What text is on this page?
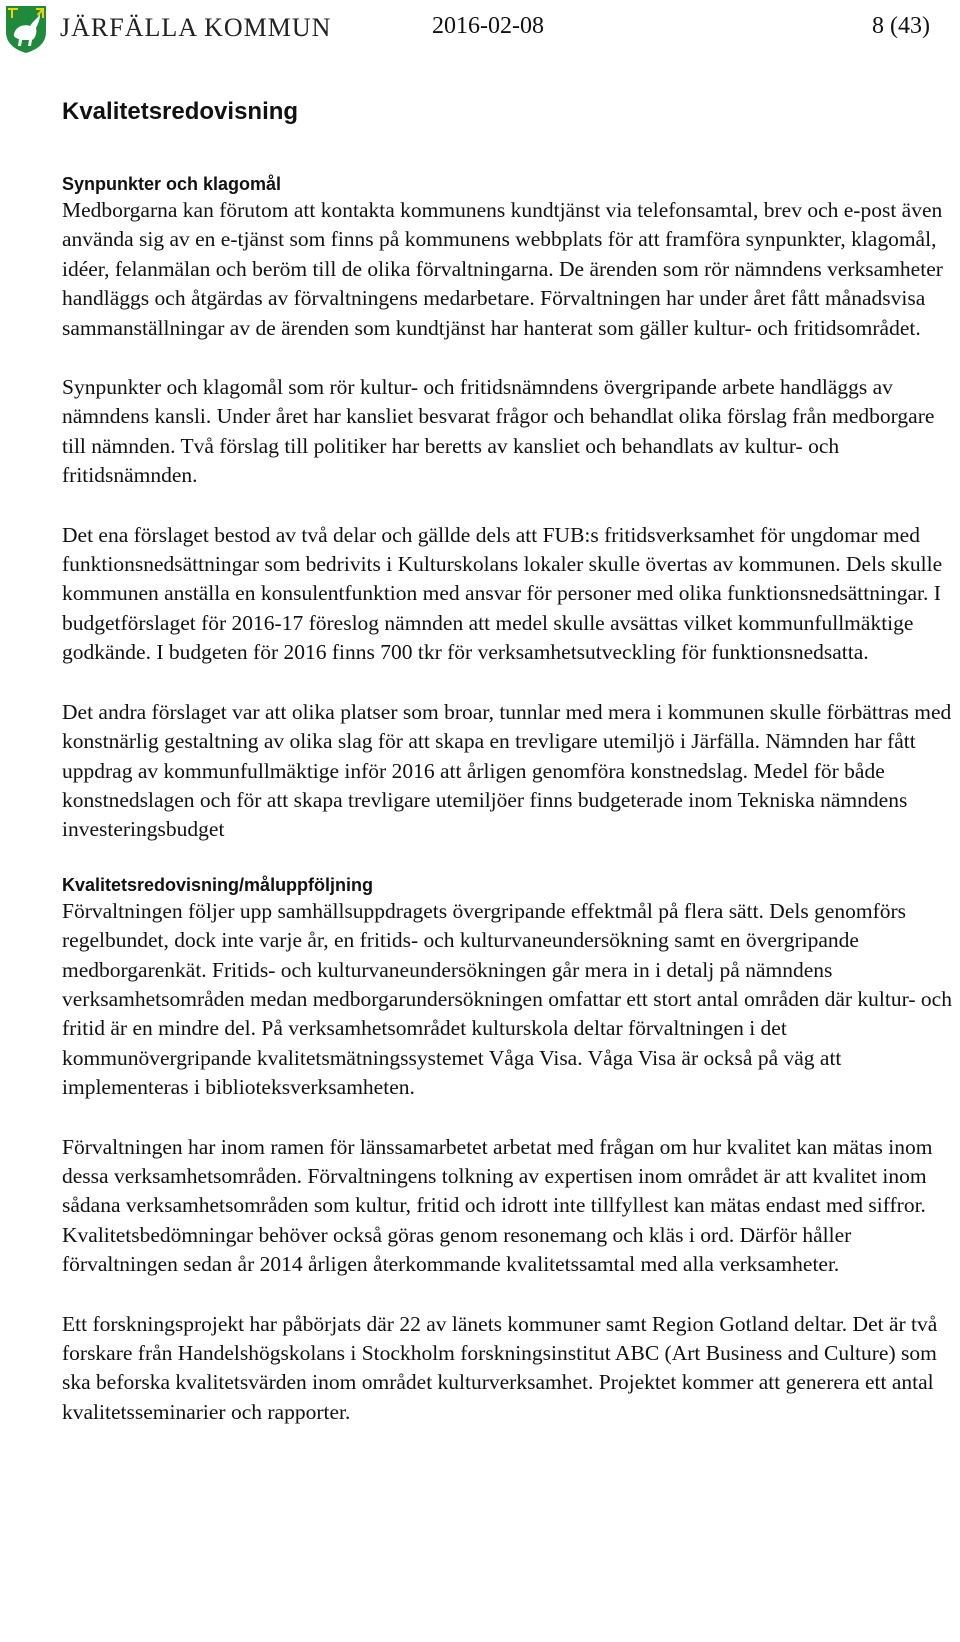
JÄRFÄLLA KOMMUN	2016-02-08	8 (43)
Kvalitetsredovisning
Synpunkter och klagomål

Medborgarna kan förutom att kontakta kommunens kundtjänst via telefonsamtal, brev och e-post även använda sig av en e-tjänst som finns på kommunens webbplats för att framföra synpunkter, klagomål, idéer, felanmälan och beröm till de olika förvaltningarna. De ärenden som rör nämndens verksamheter handläggs och åtgärdas av förvaltningens medarbetare. Förvaltningen har under året fått månadsvisa sammanställningar av de ärenden som kundtjänst har hanterat som gäller kultur- och fritidsområdet.

Synpunkter och klagomål som rör kultur- och fritidsnämndens övergripande arbete handläggs av nämndens kansli. Under året har kansliet besvarat frågor och behandlat olika förslag från medborgare till nämnden. Två förslag till politiker har beretts av kansliet och behandlats av kultur- och fritidsnämnden.

Det ena förslaget bestod av två delar och gällde dels att FUB:s fritidsverksamhet för ungdomar med funktionsnedsättningar som bedrivits i Kulturskolans lokaler skulle övertas av kommunen. Dels skulle kommunen anställa en konsulentfunktion med ansvar för personer med olika funktionsnedsättningar. I budgetförslaget för 2016-17 föreslog nämnden att medel skulle avsättas vilket kommunfullmäktige godkände. I budgeten för 2016 finns 700 tkr för verksamhetsutveckling för funktionsnedsatta.

Det andra förslaget var att olika platser som broar, tunnlar med mera i kommunen skulle förbättras med konstnärlig gestaltning av olika slag för att skapa en trevligare utemiljö i Järfälla. Nämnden har fått uppdrag av kommunfullmäktige inför 2016 att årligen genomföra konstnedslag. Medel för både konstnedslagen och för att skapa trevligare utemiljöer finns budgeterade inom Tekniska nämndens investeringsbudget

Kvalitetsredovisning/måluppföljning

Förvaltningen följer upp samhällsuppdragets övergripande effektmål på flera sätt. Dels genomförs regelbundet, dock inte varje år, en fritids- och kulturvaneundersökning samt en övergripande medborgarenkät. Fritids- och kulturvaneundersökningen går mera in i detalj på nämndens verksamhetsområden medan medborgarundersökningen omfattar ett stort antal områden där kultur- och fritid är en mindre del. På verksamhetsområdet kulturskola deltar förvaltningen i det kommunövergripande kvalitetsmätningssystemet Våga Visa. Våga Visa är också på väg att implementeras i biblioteksverksamheten.

Förvaltningen har inom ramen för länssamarbetet arbetat med frågan om hur kvalitet kan mätas inom dessa verksamhetsområden. Förvaltningens tolkning av expertisen inom området är att kvalitet inom sådana verksamhetsområden som kultur, fritid och idrott inte tillfyllest kan mätas endast med siffror. Kvalitetsbedömningar behöver också göras genom resonemang och kläs i ord. Därför håller förvaltningen sedan år 2014 årligen återkommande kvalitetssamtal med alla verksamheter.

Ett forskningsprojekt har påbörjats där 22 av länets kommuner samt Region Gotland deltar. Det är två forskare från Handelshögskolans i Stockholm forskningsinstitut ABC (Art Business and Culture) som ska beforska kvalitetsvärden inom området kulturverksamhet. Projektet kommer att generera ett antal kvalitetsseminarier och rapporter.
